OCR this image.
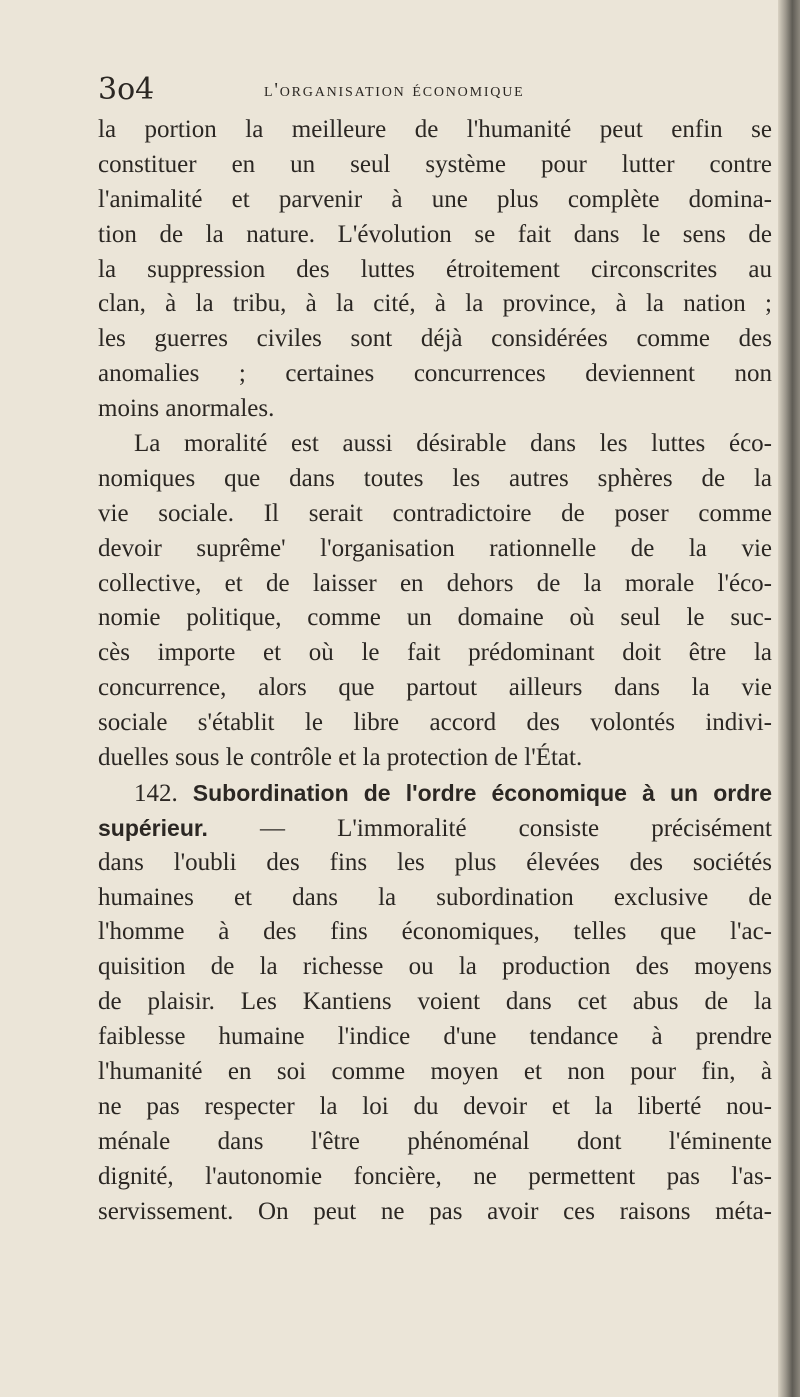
3o4	l'organisation économique
la portion la meilleure de l'humanité peut enfin se
constituer en un seul système pour lutter contre
l'animalité et parvenir à une plus complète domina-
tion de la nature. L'évolution se fait dans le sens de
la suppression des luttes étroitement circonscrites au
clan, à la tribu, à la cité, à la province, à la nation ;
les guerres civiles sont déjà considérées comme des
anomalies ; certaines concurrences deviennent non
moins anormales.
La moralité est aussi désirable dans les luttes éco-
nomiques que dans toutes les autres sphères de la
vie sociale. Il serait contradictoire de poser comme
devoir suprême' l'organisation rationnelle de la vie
collective, et de laisser en dehors de la morale l'éco-
nomie politique, comme un domaine où seul le suc-
cès importe et où le fait prédominant doit être la
concurrence, alors que partout ailleurs dans la vie
sociale s'établit le libre accord des volontés indivi-
duelles sous le contrôle et la protection de l'État.
142. Subordination de l'ordre économique à un ordre
supérieur. — L'immoralité consiste précisément
dans l'oubli des fins les plus élevées des sociétés
humaines et dans la subordination exclusive de
l'homme à des fins économiques, telles que l'ac-
quisition de la richesse ou la production des moyens
de plaisir. Les Kantiens voient dans cet abus de la
faiblesse humaine l'indice d'une tendance à prendre
l'humanité en soi comme moyen et non pour fin, à
ne pas respecter la loi du devoir et la liberté nou-
ménale dans l'être phénoménal dont l'éminente
dignité, l'autonomie foncière, ne permettent pas l'as-
servissement. On peut ne pas avoir ces raisons méta-
